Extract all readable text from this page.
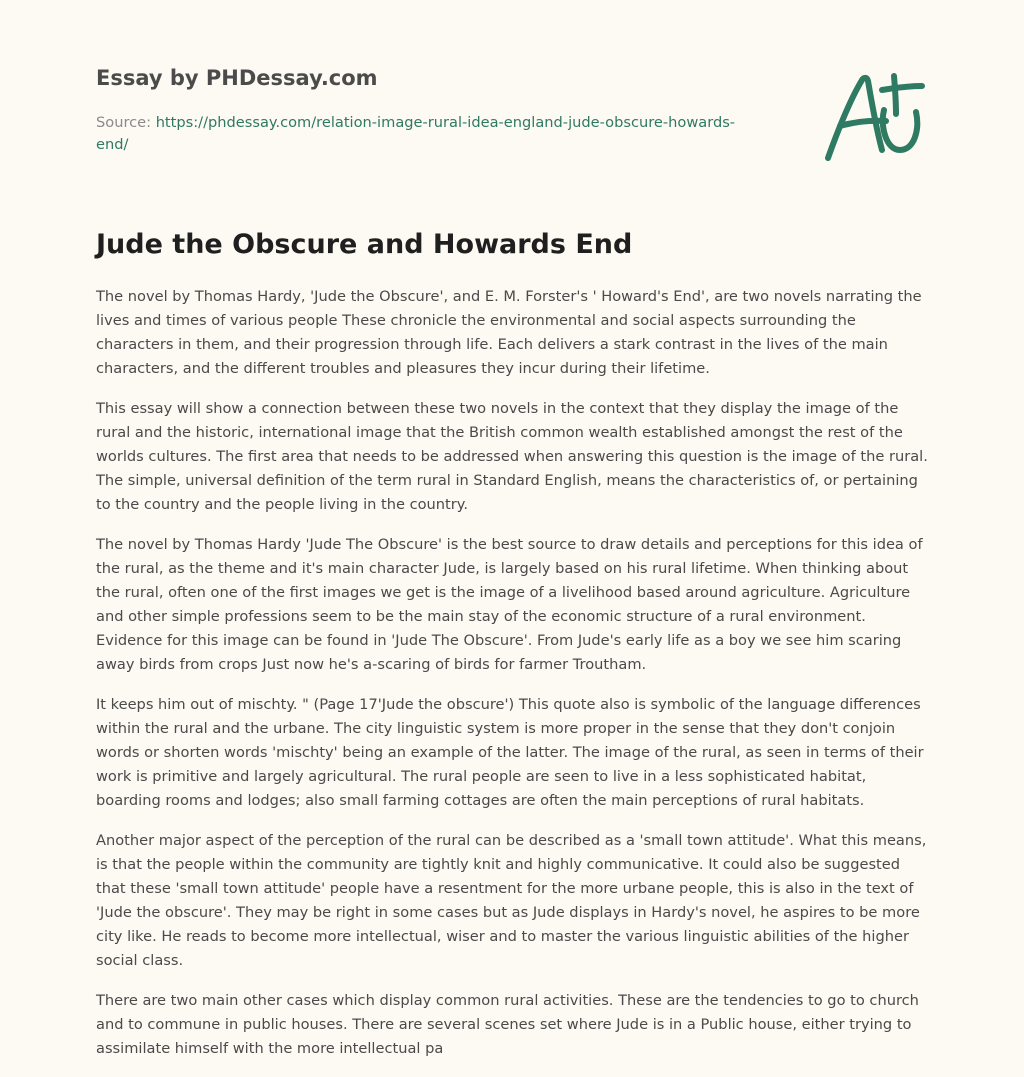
Essay by PHDessay.com
Source: https://phdessay.com/relation-image-rural-idea-england-jude-obscure-howards-
end/
Jude the Obscure and Howards End

The novel by Thomas Hardy, 'Jude the Obscure', and E. M. Forster's ' Howard's End', are two novels narrating the lives and times of various people These chronicle the environmental and social aspects surrounding the characters in them, and their progression through life. Each delivers a stark contrast in the lives of the main characters, and the different troubles and pleasures they incur during their lifetime.

This essay will show a connection between these two novels in the context that they display the image of the rural and the historic, international image that the British common wealth established amongst the rest of the worlds cultures. The first area that needs to be addressed when answering this question is the image of the rural. The simple, universal definition of the term rural in Standard English, means the characteristics of, or pertaining to the country and the people living in the country.

The novel by Thomas Hardy 'Jude The Obscure' is the best source to draw details and perceptions for this idea of the rural, as the theme and it's main character Jude, is largely based on his rural lifetime. When thinking about the rural, often one of the first images we get is the image of a livelihood based around agriculture. Agriculture and other simple professions seem to be the main stay of the economic structure of a rural environment. Evidence for this image can be found in 'Jude The Obscure'. From Jude's early life as a boy we see him scaring away birds from crops Just now he's a-scaring of birds for farmer Troutham.

It keeps him out of mischty. " (Page 17'Jude the obscure') This quote also is symbolic of the language differences within the rural and the urbane. The city linguistic system is more proper in the sense that they don't conjoin words or shorten words 'mischty' being an example of the latter. The image of the rural, as seen in terms of their work is primitive and largely agricultural. The rural people are seen to live in a less sophisticated habitat, boarding rooms and lodges; also small farming cottages are often the main perceptions of rural habitats.

Another major aspect of the perception of the rural can be described as a 'small town attitude'. What this means, is that the people within the community are tightly knit and highly communicative. It could also be suggested that these 'small town attitude' people have a resentment for the more urbane people, this is also in the text of 'Jude the obscure'. They may be right in some cases but as Jude displays in Hardy's novel, he aspires to be more city like. He reads to become more intellectual, wiser and to master the various linguistic abilities of the higher social class.

There are two main other cases which display common rural activities. These are the tendencies to go to church and to commune in public houses. There are several scenes set where Jude is in a Public house, either trying to assimilate himself with the more intellectual pa
